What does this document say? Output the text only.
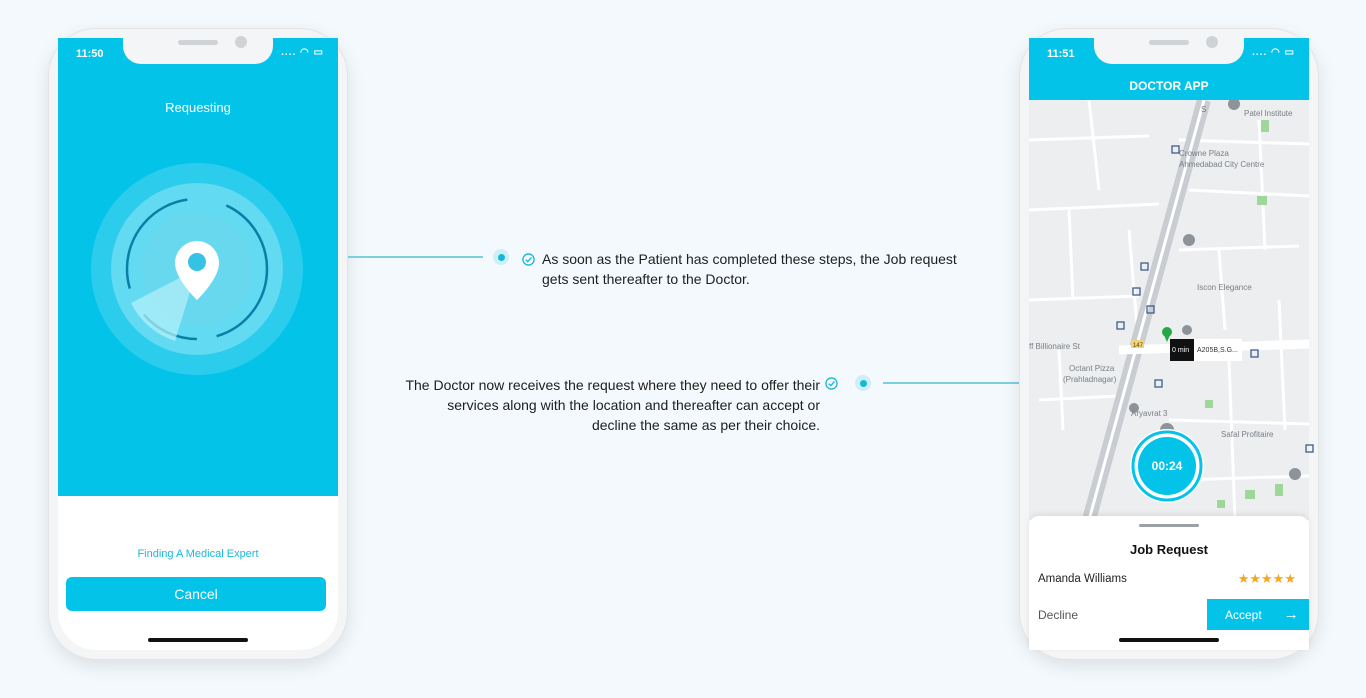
11:50	.... ◠ ▭
Requesting
Finding A Medical Expert
Cancel
As soon as the Patient has completed these steps, the Job request
gets sent thereafter to the Doctor.
The Doctor now receives the request where they need to offer their
services along with the location and thereafter can accept or
decline the same as per their choice.
DOCTOR APP
11:51	.... ◠ ▭
Patel Institute
Crowne Plaza
Ahmedabad City Centre
Iscon Elegance
ff Billionaire St
Octant Pizza
(Prahladnagar)
Aryavrat 3
Safal Profitaire
147
S
0 min A205B,S.G...
00:24
Job Request
Amanda Williams	★★★★★
Decline	Accept →
